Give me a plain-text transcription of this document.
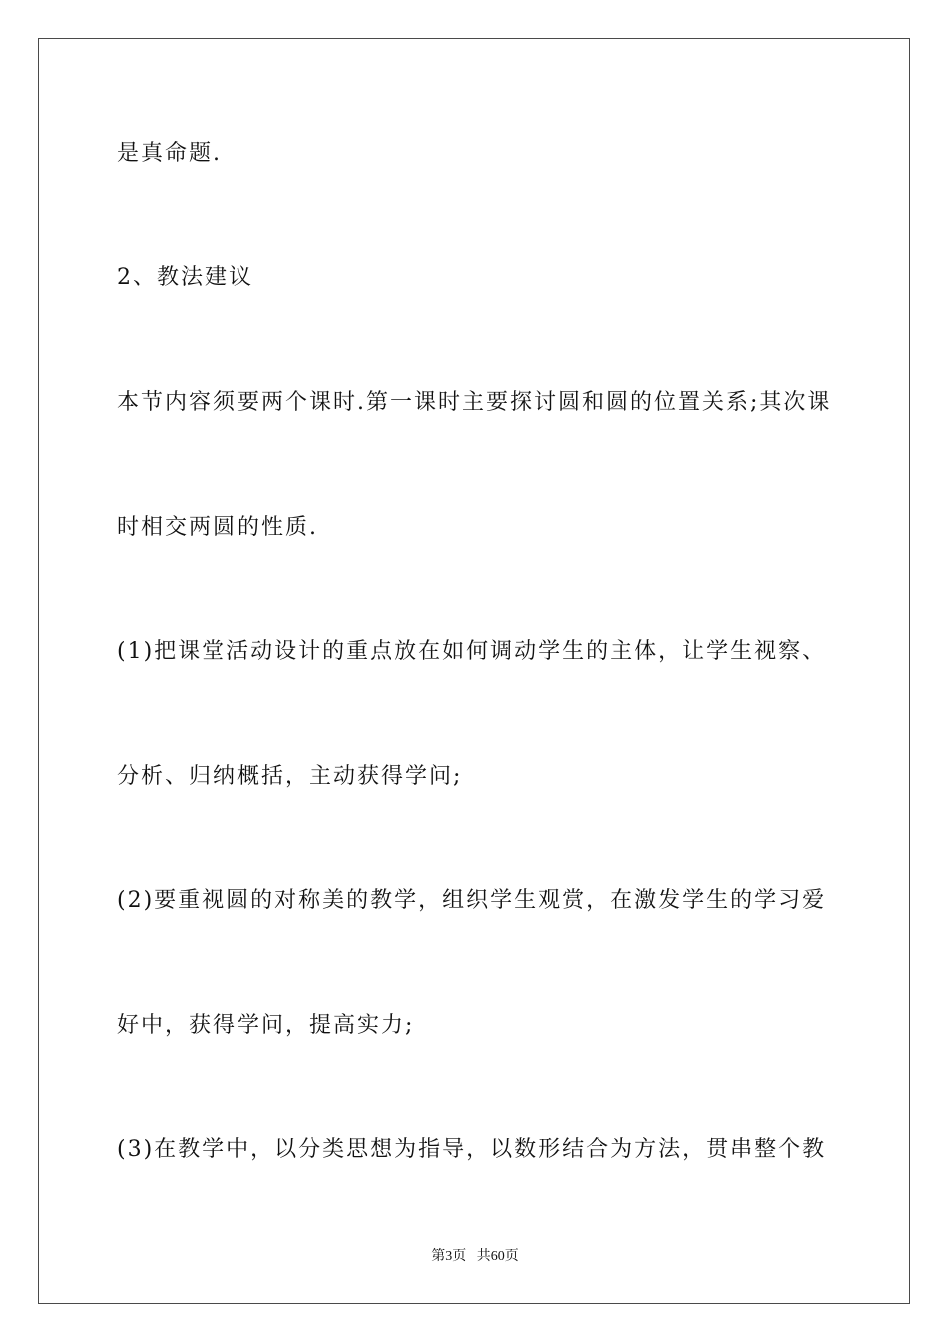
是真命题.
2、教法建议
本节内容须要两个课时.第一课时主要探讨圆和圆的位置关系;其次课
时相交两圆的性质.
(1)把课堂活动设计的重点放在如何调动学生的主体，让学生视察、
分析、归纳概括，主动获得学问;
(2)要重视圆的对称美的教学，组织学生观赏，在激发学生的学习爱
好中，获得学问，提高实力;
(3)在教学中，以分类思想为指导，以数形结合为方法，贯串整个教
第3页 共60页
